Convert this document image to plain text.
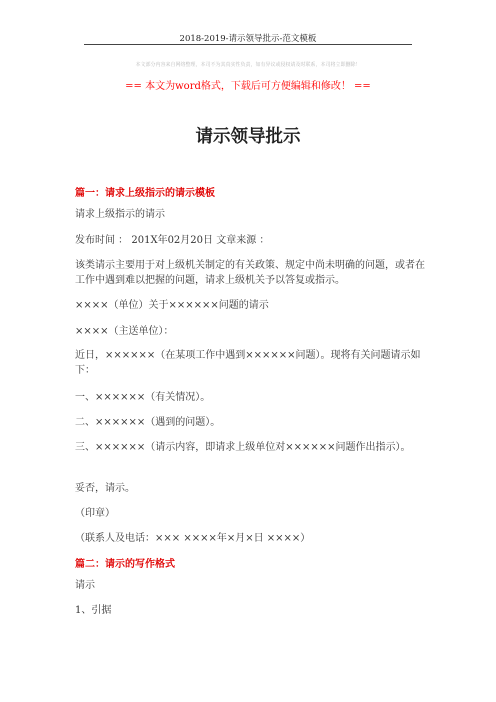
2018-2019-请示领导批示-范文模板
本文部分内容来自网络整理，本司不为其真实性负责，如有异议或侵权请及时联系，本司将立即删除！
== 本文为word格式，下载后可方便编辑和修改！ ==
请示领导批示
篇一：请求上级指示的请示模板
请求上级指示的请示
发布时间 ： 201X年02月20日 文章来源 ：
该类请示主要用于对上级机关制定的有关政策、规定中尚未明确的问题，或者在工作中遇到难以把握的问题，请求上级机关予以答复或指示。
××××（单位）关于××××××问题的请示
××××（主送单位）：
近日，××××××（在某项工作中遇到××××××问题）。现将有关问题请示如下：
一、××××××（有关情况）。
二、××××××（遇到的问题）。
三、××××××（请示内容，即请求上级单位对××××××问题作出指示）。
妥否，请示。
（印章）
（联系人及电话：××× ××××年×月×日 ××××）
篇二：请示的写作格式
请示
1、引据
